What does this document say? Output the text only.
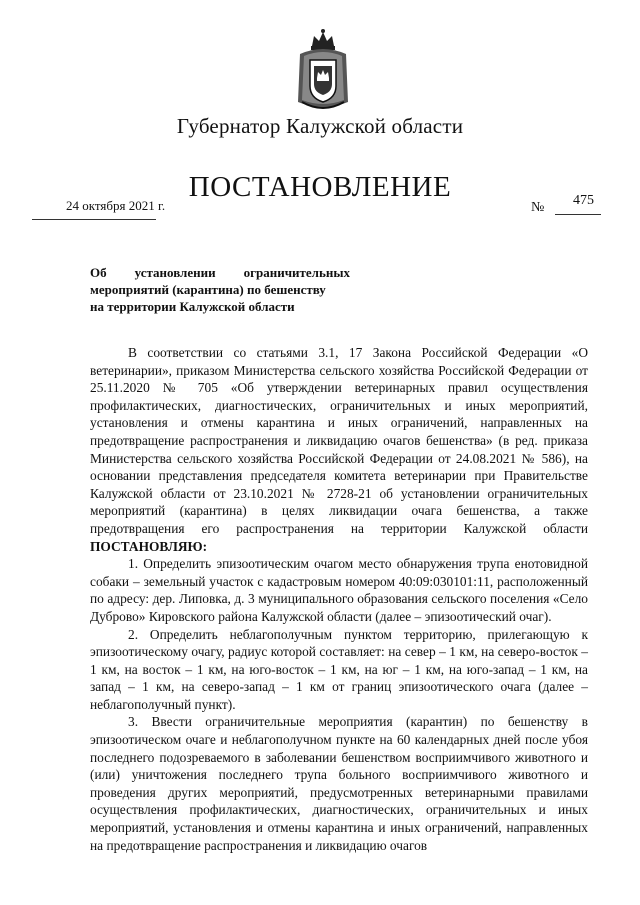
Губернатор Калужской области
ПОСТАНОВЛЕНИЕ
24 октября 2021 г.	№ 475
Об установлении ограничительных
мероприятий (карантина) по бешенству
на территории Калужской области

В соответствии со статьями 3.1, 17 Закона Российской Федерации «О ветеринарии», приказом Министерства сельского хозяйства Российской Федерации от 25.11.2020 № 705 «Об утверждении ветеринарных правил осуществления профилактических, диагностических, ограничительных и иных мероприятий, установления и отмены карантина и иных ограничений, направленных на предотвращение распространения и ликвидацию очагов бешенства» (в ред. приказа Министерства сельского хозяйства Российской Федерации от 24.08.2021 № 586), на основании представления председателя комитета ветеринарии при Правительстве Калужской области от 23.10.2021 № 2728-21 об установлении ограничительных мероприятий (карантина) в целях ликвидации очага бешенства, а также предотвращения его распространения на территории Калужской области ПОСТАНОВЛЯЮ:

1. Определить эпизоотическим очагом место обнаружения трупа енотовидной собаки – земельный участок с кадастровым номером 40:09:030101:11, расположенный по адресу: дер. Липовка, д. 3 муниципального образования сельского поселения «Село Дуброво» Кировского района Калужской области (далее – эпизоотический очаг).

2. Определить неблагополучным пунктом территорию, прилегающую к эпизоотическому очагу, радиус которой составляет: на север – 1 км, на северо-восток – 1 км, на восток – 1 км, на юго-восток – 1 км, на юг – 1 км, на юго-запад – 1 км, на запад – 1 км, на северо-запад – 1 км от границ эпизоотического очага (далее – неблагополучный пункт).

3. Ввести ограничительные мероприятия (карантин) по бешенству в эпизоотическом очаге и неблагополучном пункте на 60 календарных дней после убоя последнего подозреваемого в заболевании бешенством восприимчивого животного и (или) уничтожения последнего трупа больного восприимчивого животного и проведения других мероприятий, предусмотренных ветеринарными правилами осуществления профилактических, диагностических, ограничительных и иных мероприятий, установления и отмены карантина и иных ограничений, направленных на предотвращение распространения и ликвидацию очагов
